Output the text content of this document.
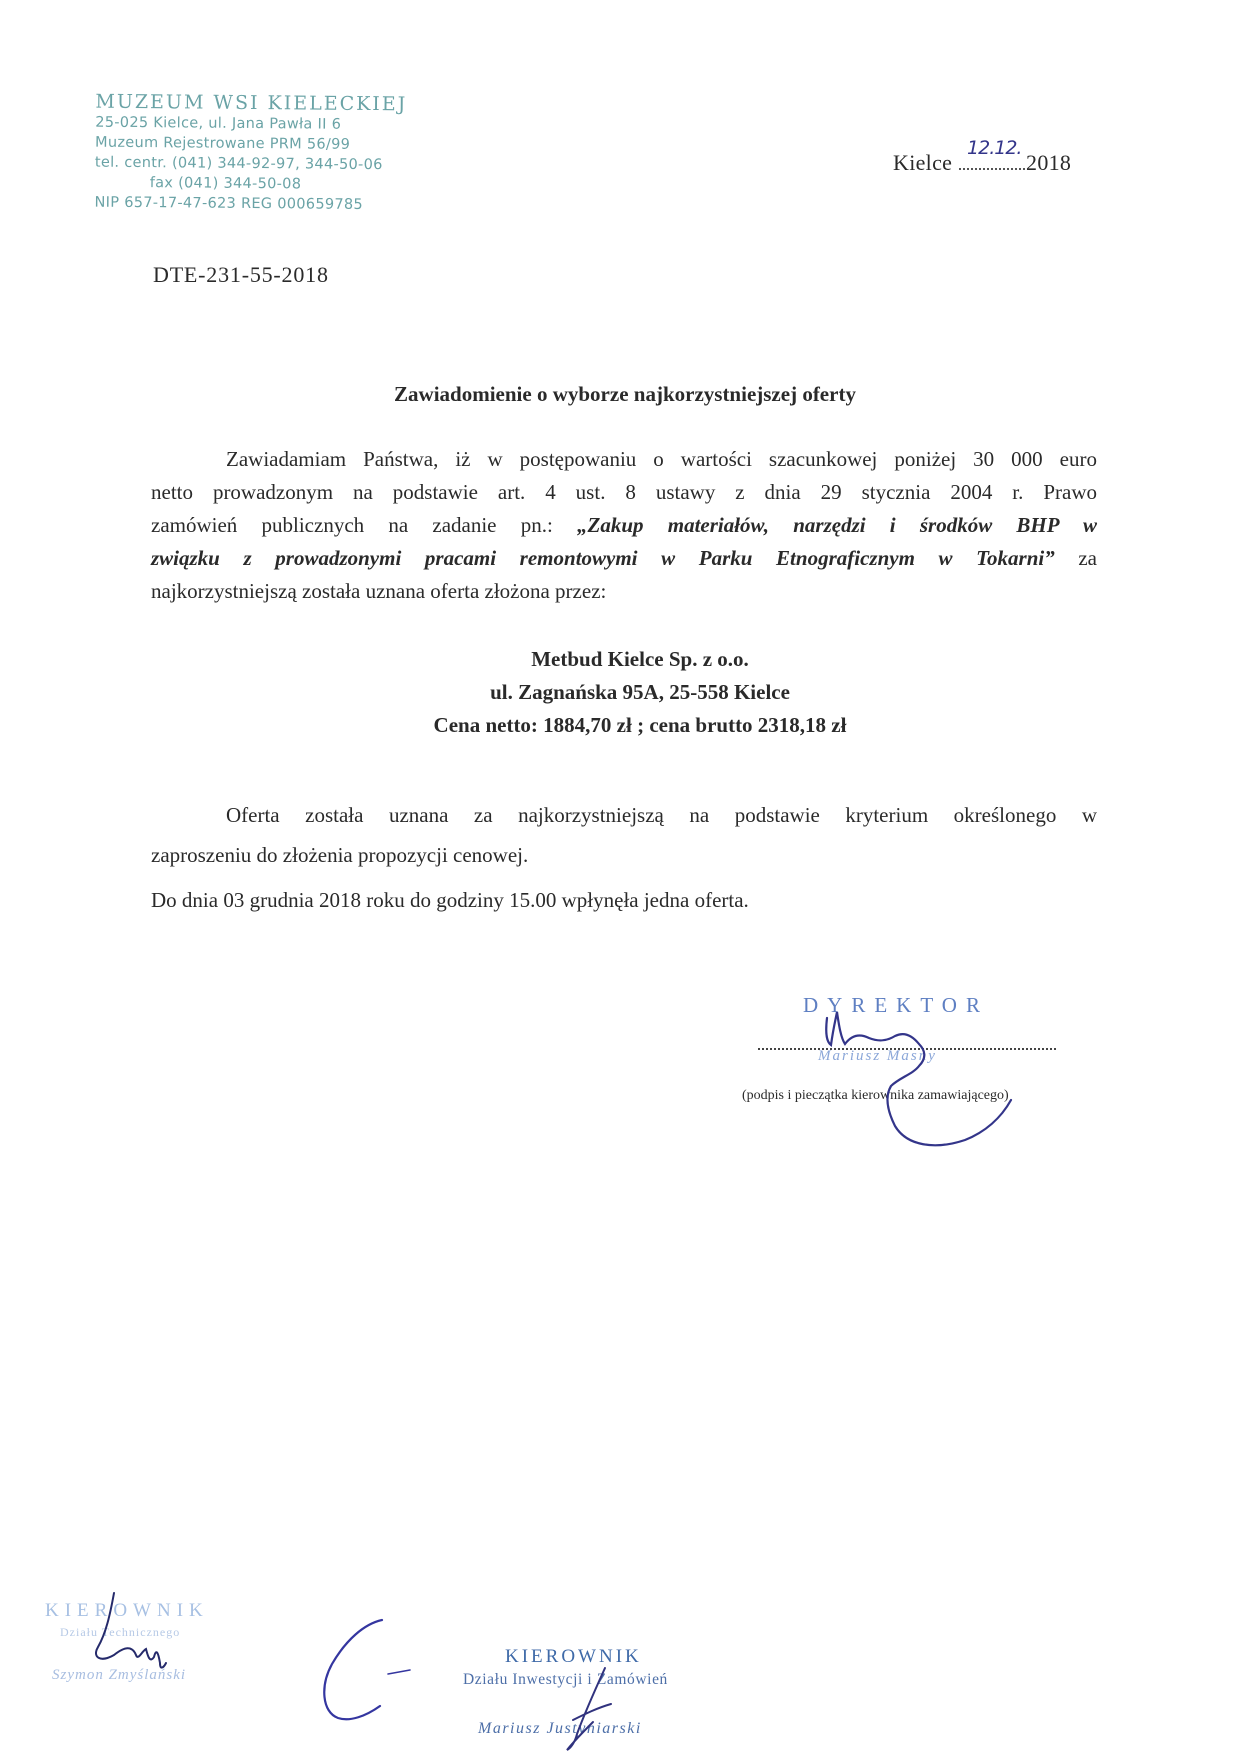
MUZEUM WSI KIELECKIEJ
25-025 Kielce, ul. Jana Pawła II 6
Muzeum Rejestrowane PRM 56/99
tel. centr. (041) 344-92-97, 344-50-06
fax (041) 344-50-08
NIP 657-17-47-623 REG 000659785
Kielce
12.12.
2018
DTE-231-55-2018
Zawiadomienie o wyborze najkorzystniejszej oferty
Zawiadamiam Państwa, iż w postępowaniu o wartości szacunkowej poniżej 30 000 euro
netto prowadzonym na podstawie art. 4 ust. 8 ustawy z dnia 29 stycznia 2004 r. Prawo
zamówień publicznych na zadanie pn.: „Zakup materiałów, narzędzi i środków BHP w
związku z prowadzonymi pracami remontowymi w Parku Etnograficznym w Tokarni” za
najkorzystniejszą została uznana oferta złożona przez:
Metbud Kielce Sp. z o.o.
ul. Zagnańska 95A, 25-558 Kielce
Cena netto: 1884,70 zł ; cena brutto 2318,18 zł
Oferta została uznana za najkorzystniejszą na podstawie kryterium określonego w
zaproszeniu do złożenia propozycji cenowej.
Do dnia 03 grudnia 2018 roku do godziny 15.00 wpłynęła jedna oferta.
DYREKTOR
Mariusz Masny
(podpis i pieczątka kierownika zamawiającego)
KIEROWNIK
Działu Technicznego
Szymon Zmyślański
KIEROWNIK
Działu Inwestycji i Zamówień
Mariusz Justyniarski
